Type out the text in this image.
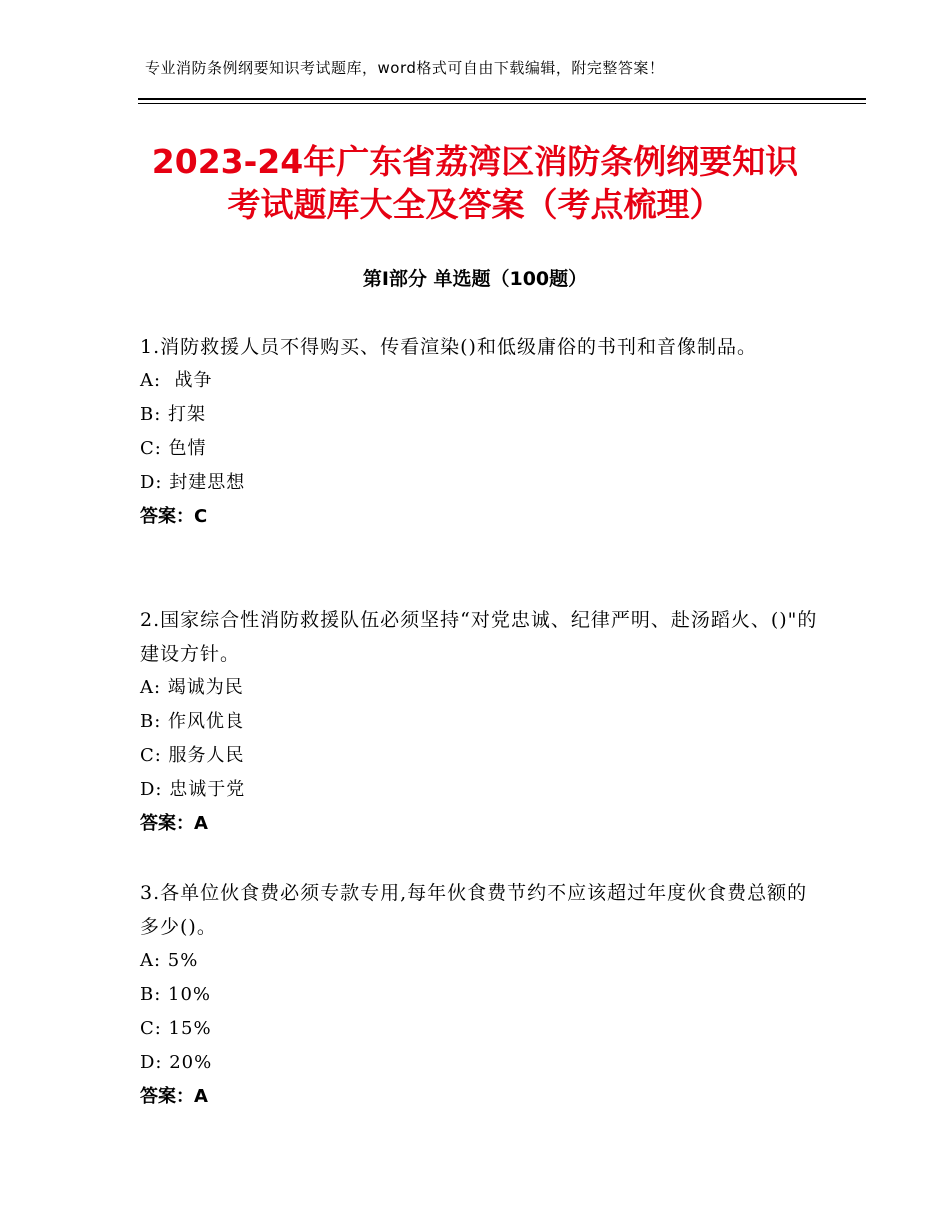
专业消防条例纲要知识考试题库，word格式可自由下载编辑，附完整答案！
2023-24年广东省荔湾区消防条例纲要知识
考试题库大全及答案（考点梳理）
第Ⅰ部分 单选题（100题）

1.消防救援人员不得购买、传看渲染()和低级庸俗的书刊和音像制品。

A:  战争

B: 打架

C: 色情

D: 封建思想

答案：C

2.国家综合性消防救援队伍必须坚持“对党忠诚、纪律严明、赴汤蹈火、()"的建设方针。

A: 竭诚为民

B: 作风优良

C: 服务人民

D: 忠诚于党

答案：A

3.各单位伙食费必须专款专用,每年伙食费节约不应该超过年度伙食费总额的多少()。

A: 5%

B: 10%

C: 15%

D: 20%

答案：A
